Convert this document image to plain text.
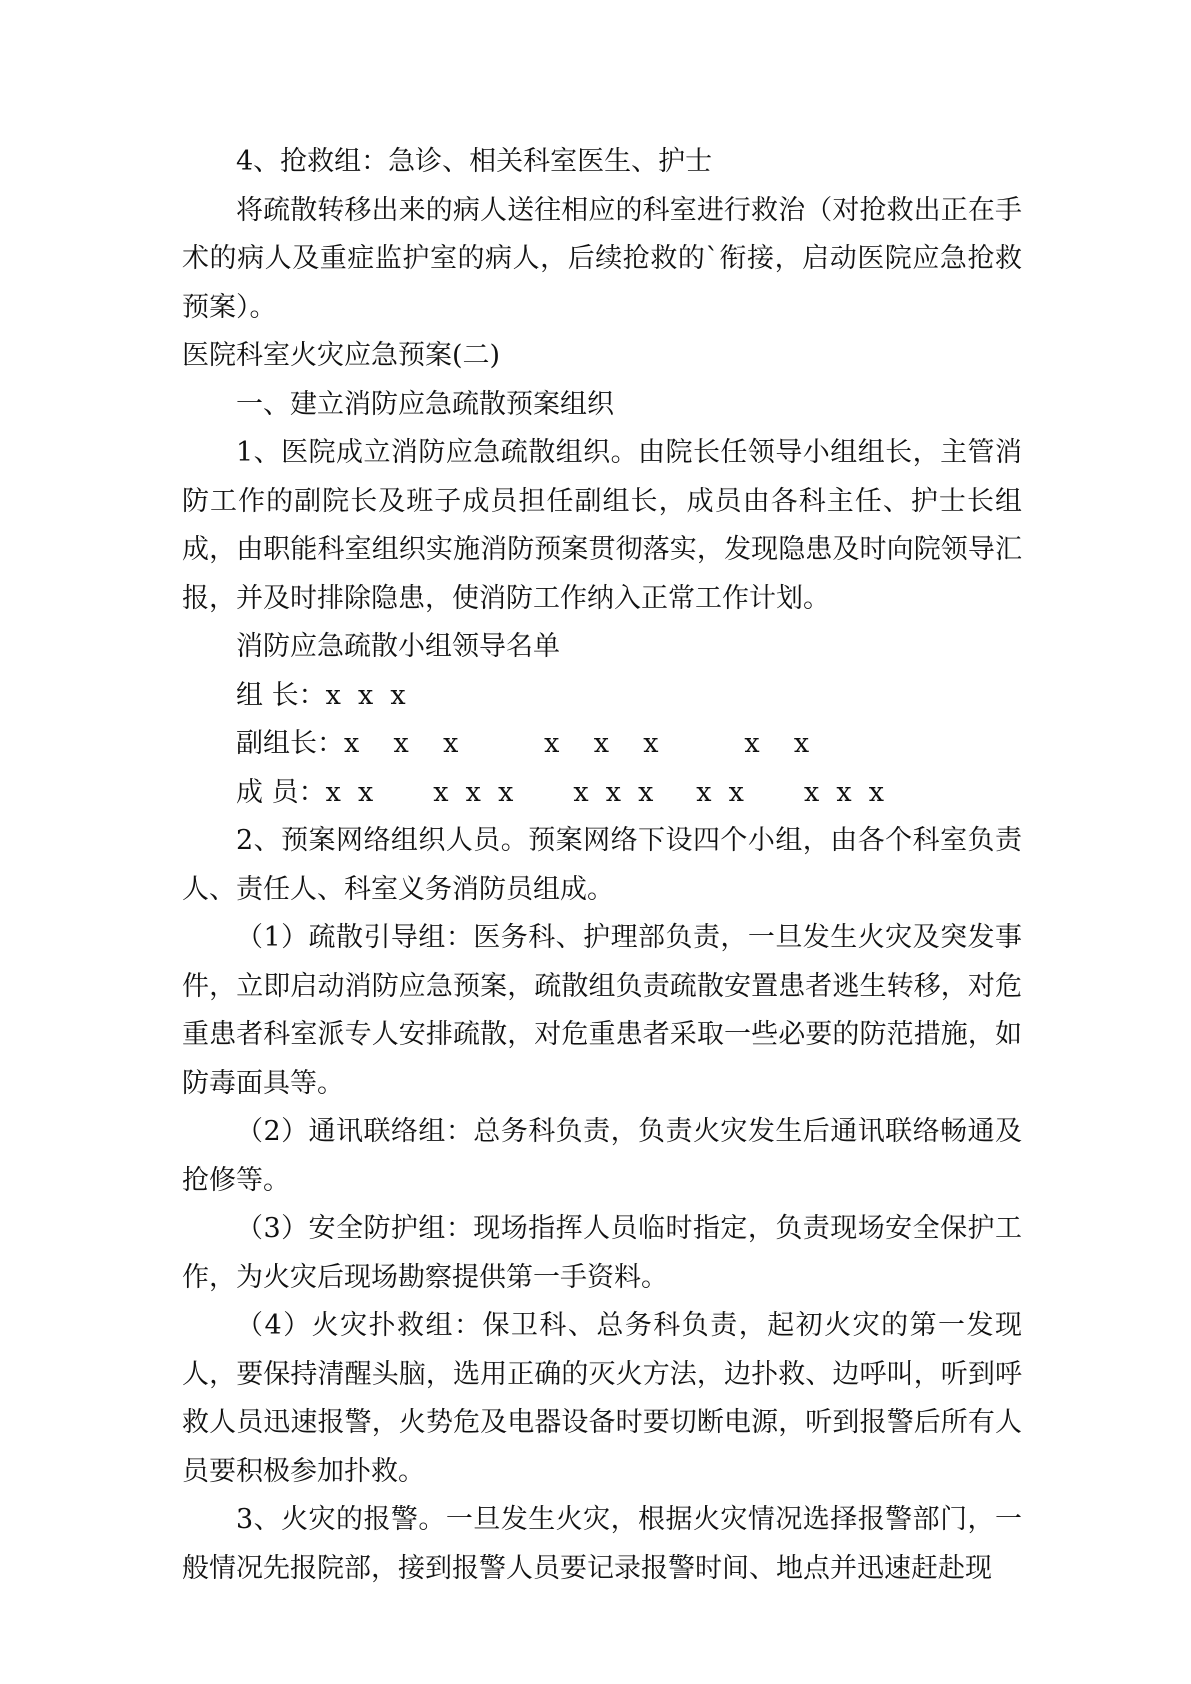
4、抢救组：急诊、相关科室医生、护士

将疏散转移出来的病人送往相应的科室进行救治（对抢救出正在手术的病人及重症监护室的病人，后续抢救的`衔接，启动医院应急抢救预案）。

医院科室火灾应急预案(二)

一、建立消防应急疏散预案组织

1、医院成立消防应急疏散组织。由院长任领导小组组长，主管消防工作的副院长及班子成员担任副组长，成员由各科主任、护士长组成，由职能科室组织实施消防预案贯彻落实，发现隐患及时向院领导汇报，并及时排除隐患，使消防工作纳入正常工作计划。

消防应急疏散小组领导名单

组 长：x  x  x

副组长：x    x    x          x    x    x          x    x

成 员：x  x       x  x  x       x  x  x     x  x       x  x  x

2、预案网络组织人员。预案网络下设四个小组，由各个科室负责人、责任人、科室义务消防员组成。

（1）疏散引导组：医务科、护理部负责，一旦发生火灾及突发事件，立即启动消防应急预案，疏散组负责疏散安置患者逃生转移，对危重患者科室派专人安排疏散，对危重患者采取一些必要的防范措施，如防毒面具等。

（2）通讯联络组：总务科负责，负责火灾发生后通讯联络畅通及抢修等。

（3）安全防护组：现场指挥人员临时指定，负责现场安全保护工作，为火灾后现场勘察提供第一手资料。

（4）火灾扑救组：保卫科、总务科负责，起初火灾的第一发现人，要保持清醒头脑，选用正确的灭火方法，边扑救、边呼叫，听到呼救人员迅速报警，火势危及电器设备时要切断电源，听到报警后所有人员要积极参加扑救。

3、火灾的报警。一旦发生火灾，根据火灾情况选择报警部门，一般情况先报院部，接到报警人员要记录报警时间、地点并迅速赶赴现
